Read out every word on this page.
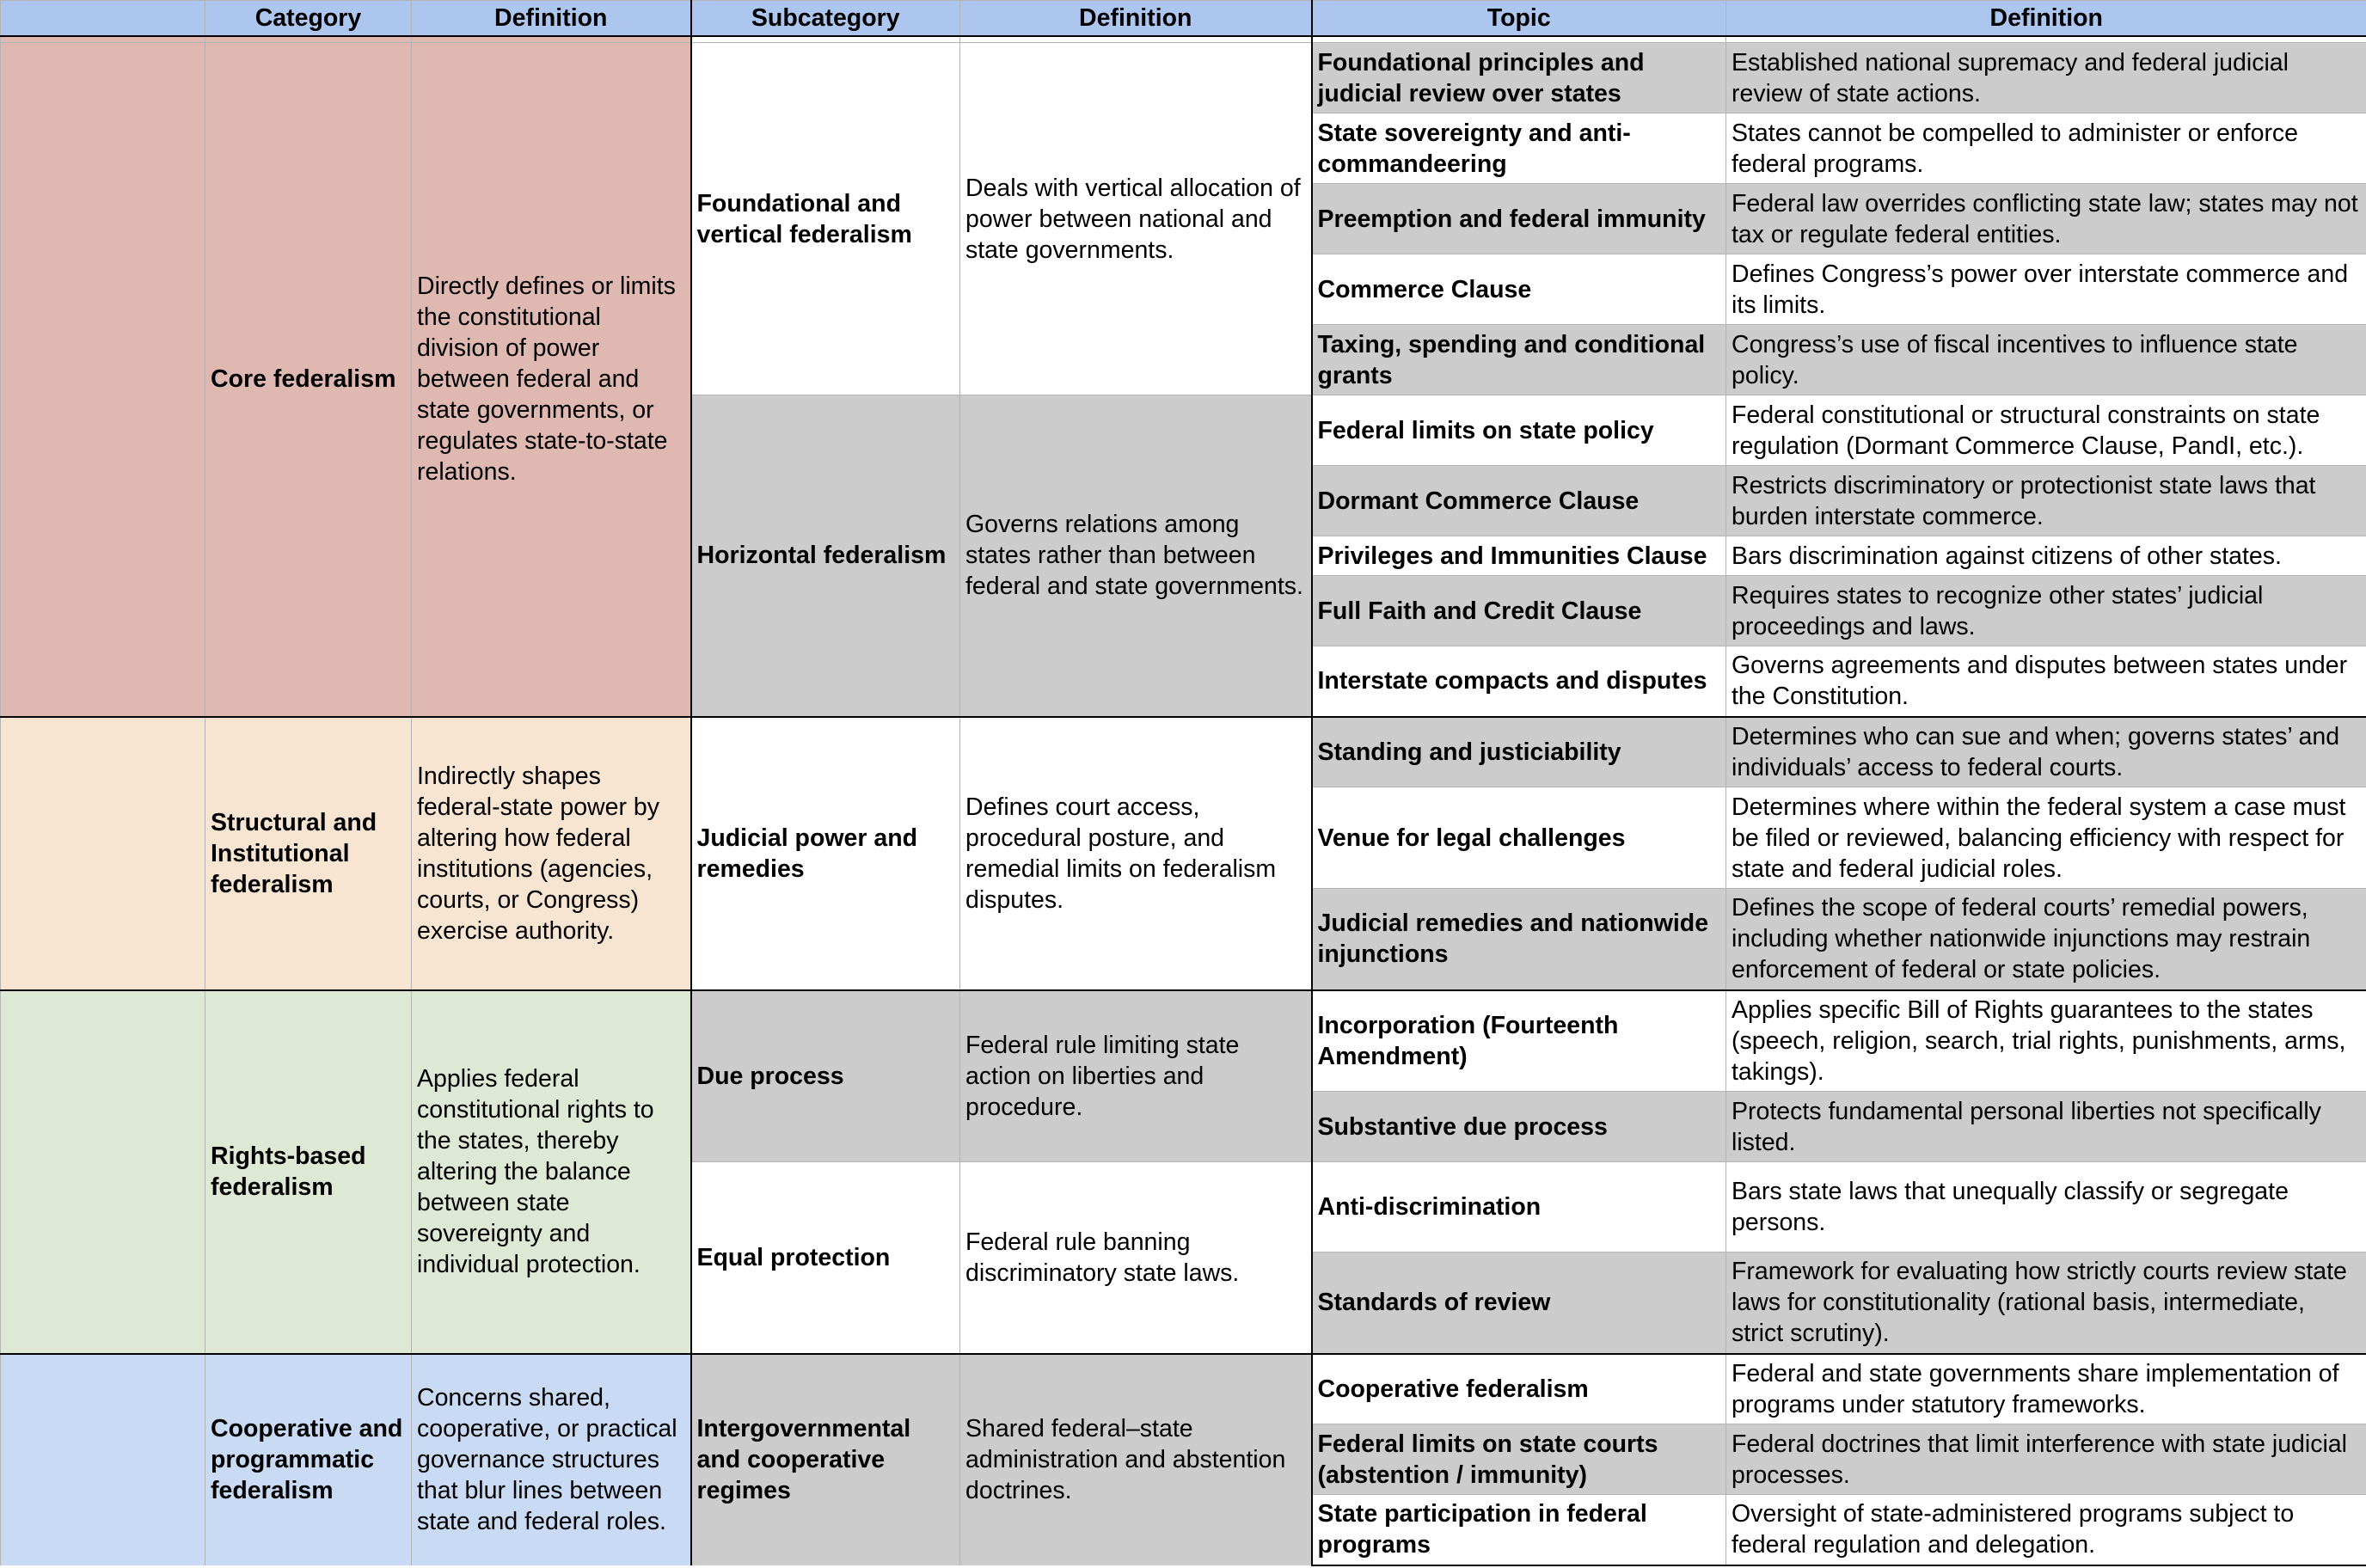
	Category	Definition	Subcategory	Definition	Topic	Definition

	Core federalism	Directly defines or limits the constitutional division of power between federal and state governments, or regulates state-to-state relations.	Foundational and vertical federalism	Deals with vertical allocation of power between national and state governments.	Foundational principles and judicial review over states	Established national supremacy and federal judicial review of state actions.
					State sovereignty and anti-commandeering	States cannot be compelled to administer or enforce federal programs.
					Preemption and federal immunity	Federal law overrides conflicting state law; states may not tax or regulate federal entities.
					Commerce Clause	Defines Congress’s power over interstate commerce and its limits.
					Taxing, spending and conditional grants	Congress’s use of fiscal incentives to influence state policy.
			Horizontal federalism	Governs relations among states rather than between federal and state governments.	Federal limits on state policy	Federal constitutional or structural constraints on state regulation (Dormant Commerce Clause, PandI, etc.).
					Dormant Commerce Clause	Restricts discriminatory or protectionist state laws that burden interstate commerce.
					Privileges and Immunities Clause	Bars discrimination against citizens of other states.
					Full Faith and Credit Clause	Requires states to recognize other states’ judicial proceedings and laws.
					Interstate compacts and disputes	Governs agreements and disputes between states under the Constitution.
	Structural and Institutional federalism	Indirectly shapes federal-state power by altering how federal institutions (agencies, courts, or Congress) exercise authority.	Judicial power and remedies	Defines court access, procedural posture, and remedial limits on federalism disputes.	Standing and justiciability	Determines who can sue and when; governs states’ and individuals’ access to federal courts.
					Venue for legal challenges	Determines where within the federal system a case must be filed or reviewed, balancing efficiency with respect for state and federal judicial roles.
					Judicial remedies and nationwide injunctions	Defines the scope of federal courts’ remedial powers, including whether nationwide injunctions may restrain enforcement of federal or state policies.
	Rights-based federalism	Applies federal constitutional rights to the states, thereby altering the balance between state sovereignty and individual protection.	Due process	Federal rule limiting state action on liberties and procedure.	Incorporation (Fourteenth Amendment)	Applies specific Bill of Rights guarantees to the states (speech, religion, search, trial rights, punishments, arms, takings).
					Substantive due process	Protects fundamental personal liberties not specifically listed.
			Equal protection	Federal rule banning discriminatory state laws.	Anti-discrimination	Bars state laws that unequally classify or segregate persons.
					Standards of review	Framework for evaluating how strictly courts review state laws for constitutionality (rational basis, intermediate, strict scrutiny).
	Cooperative and programmatic federalism	Concerns shared, cooperative, or practical governance structures that blur lines between state and federal roles.	Intergovernmental and cooperative regimes	Shared federal–state administration and abstention doctrines.	Cooperative federalism	Federal and state governments share implementation of programs under statutory frameworks.
					Federal limits on state courts (abstention / immunity)	Federal doctrines that limit interference with state judicial processes.
					State participation in federal programs	Oversight of state-administered programs subject to federal regulation and delegation.
